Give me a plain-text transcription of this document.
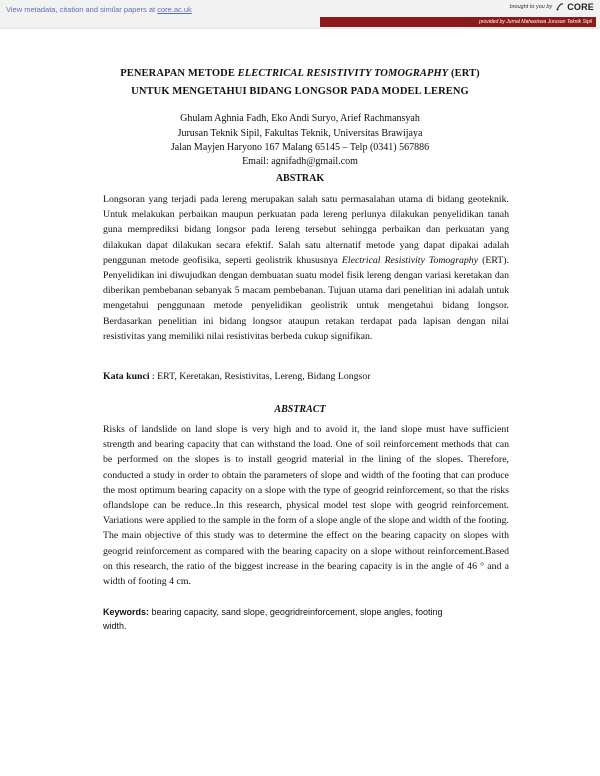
View metadata, citation and similar papers at core.ac.uk	brought to you by CORE
provided by Jurnal Mahasiswa Jurusan Teknik Sipil
PENERAPAN METODE ELECTRICAL RESISTIVITY TOMOGRAPHY (ERT)
UNTUK MENGETAHUI BIDANG LONGSOR PADA MODEL LERENG
Ghulam Aghnia Fadh, Eko Andi Suryo, Arief Rachmansyah
Jurusan Teknik Sipil, Fakultas Teknik, Universitas Brawijaya
Jalan Mayjen Haryono 167 Malang 65145 – Telp (0341) 567886
Email: agnifadh@gmail.com
ABSTRAK

Longsoran yang terjadi pada lereng merupakan salah satu permasalahan utama di bidang geoteknik. Untuk melakukan perbaikan maupun perkuatan pada lereng perlunya dilakukan penyelidikan tanah guna memprediksi bidang longsor pada lereng tersebut sehingga perbaikan dan perkuatan yang dilakukan dapat dilakukan secara efektif. Salah satu alternatif metode yang dapat dipakai adalah penggunan metode geofisika, seperti geolistrik khususnya Electrical Resistivity Tomography (ERT). Penyelidikan ini diwujudkan dengan dembuatan suatu model fisik lereng dengan variasi keretakan dan diberikan pembebanan sebanyak 5 macam pembebanan. Tujuan utama dari penelitian ini adalah untuk mengetahui penggunaan metode penyelidikan geolistrik untuk mengetahui bidang longsor. Berdasarkan penelitian ini bidang longsor ataupun retakan terdapat pada lapisan dengan nilai resistivitas yang memiliki nilai resistivitas berbeda cukup signifikan.

Kata kunci : ERT, Keretakan, Resistivitas, Lereng, Bidang Longsor

ABSTRACT

Risks of landslide on land slope is very high and to avoid it, the land slope must have sufficient strength and bearing capacity that can withstand the load. One of soil reinforcement methods that can be performed on the slopes is to install geogrid material in the lining of the slopes. Therefore, conducted a study in order to obtain the parameters of slope and width of the footing that can produce the most optimum bearing capacity on a slope with the type of geogrid reinforcement, so that the risks oflandslope can be reduce..In this research, physical model test slope with geogrid reinforcement. Variations were applied to the sample in the form of a slope angle of the slope and width of the footing. The main objective of this study was to determine the effect on the bearing capacity on slopes with geogrid reinforcement as compared with the bearing capacity on a slope without reinforcement.Based on this research, the ratio of the biggest increase in the bearing capacity is in the angle of 46 ° and a width of footing 4 cm.

Keywords: bearing capacity, sand slope, geogridreinforcement, slope angles, footing width.
